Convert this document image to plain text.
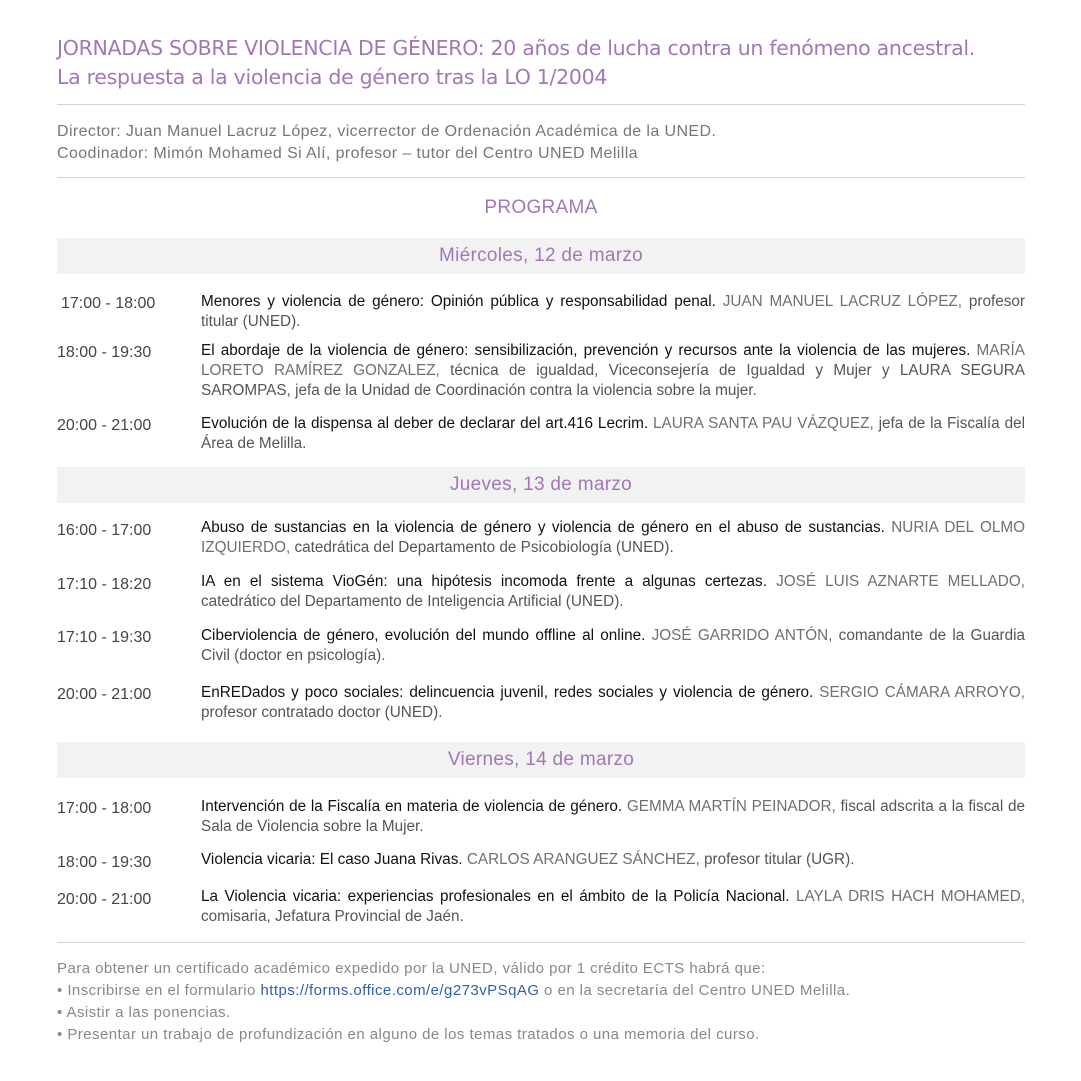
JORNADAS SOBRE VIOLENCIA DE GÉNERO: 20 años de lucha contra un fenómeno ancestral.
La respuesta a la violencia de género tras la LO 1/2004
Director: Juan Manuel Lacruz López, vicerrector de Ordenación Académica de la UNED.
Coodinador: Mimón Mohamed Si Alí, profesor – tutor del Centro UNED Melilla
PROGRAMA
Miércoles, 12 de marzo
17:00 - 18:00	Menores y violencia de género: Opinión pública y responsabilidad penal. JUAN MANUEL LACRUZ LÓPEZ, profesor titular (UNED).
18:00 - 19:30	El abordaje de la violencia de género: sensibilización, prevención y recursos ante la violencia de las mujeres. MARÍA LORETO RAMÍREZ GONZALEZ, técnica de igualdad, Viceconsejería de Igualdad y Mujer y LAURA SEGURA SAROMPAS, jefa de la Unidad de Coordinación contra la violencia sobre la mujer.
20:00 - 21:00	Evolución de la dispensa al deber de declarar del art.416 Lecrim. LAURA SANTA PAU VÁZQUEZ, jefa de la Fiscalía del Área de Melilla.
Jueves, 13 de marzo
16:00 - 17:00	Abuso de sustancias en la violencia de género y violencia de género en el abuso de sustancias. NURIA DEL OLMO IZQUIERDO, catedrática del Departamento de Psicobiología (UNED).
17:10 - 18:20	IA en el sistema VioGén: una hipótesis incomoda frente a algunas certezas. JOSÉ LUIS AZNARTE MELLADO, catedrático del Departamento de Inteligencia Artificial (UNED).
17:10 - 19:30	Ciberviolencia de género, evolución del mundo offline al online. JOSÉ GARRIDO ANTÓN, comandante de la Guardia Civil (doctor en psicología).
20:00 - 21:00	EnREDados y poco sociales: delincuencia juvenil, redes sociales y violencia de género. SERGIO CÁMARA ARROYO, profesor contratado doctor (UNED).
Viernes, 14 de marzo
17:00 - 18:00	Intervención de la Fiscalía en materia de violencia de género. GEMMA MARTÍN PEINADOR, fiscal adscrita a la fiscal de Sala de Violencia sobre la Mujer.
18:00 - 19:30	Violencia vicaria: El caso Juana Rivas. CARLOS ARANGUEZ SÁNCHEZ, profesor titular (UGR).
20:00 - 21:00	La Violencia vicaria: experiencias profesionales en el ámbito de la Policía Nacional. LAYLA DRIS HACH MOHAMED, comisaria, Jefatura Provincial de Jaén.
Para obtener un certificado académico expedido por la UNED, válido por 1 crédito ECTS habrá que:
• Inscribirse en el formulario https://forms.office.com/e/g273vPSqAG o en la secretaría del Centro UNED Melilla.
• Asistir a las ponencias.
• Presentar un trabajo de profundización en alguno de los temas tratados o una memoria del curso.
